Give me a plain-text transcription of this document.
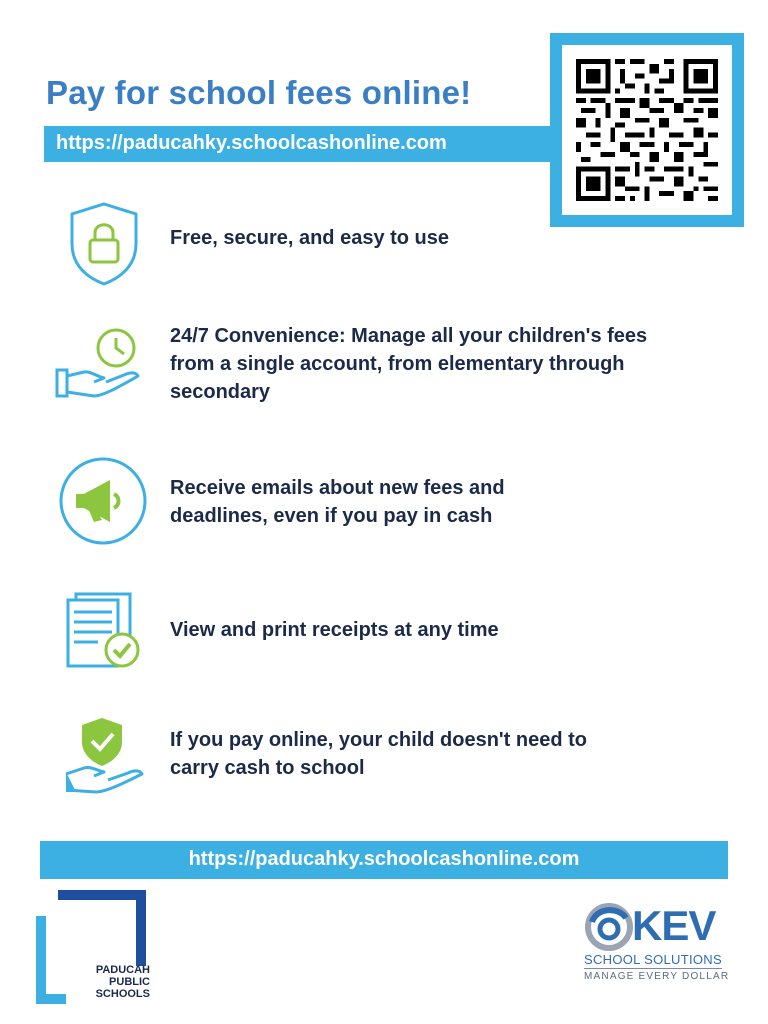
Pay for school fees online!
https://paducahky.schoolcashonline.com
Free, secure, and easy to use
24/7 Convenience: Manage all your children's fees
from a single account, from elementary through
secondary
Receive emails about new fees and
deadlines, even if you pay in cash
View and print receipts at any time
If you pay online, your child doesn't need to
carry cash to school
https://paducahky.schoolcashonline.com
PADUCAH
PUBLIC
SCHOOLS
KEV
SCHOOL SOLUTIONS
MANAGE EVERY DOLLAR
